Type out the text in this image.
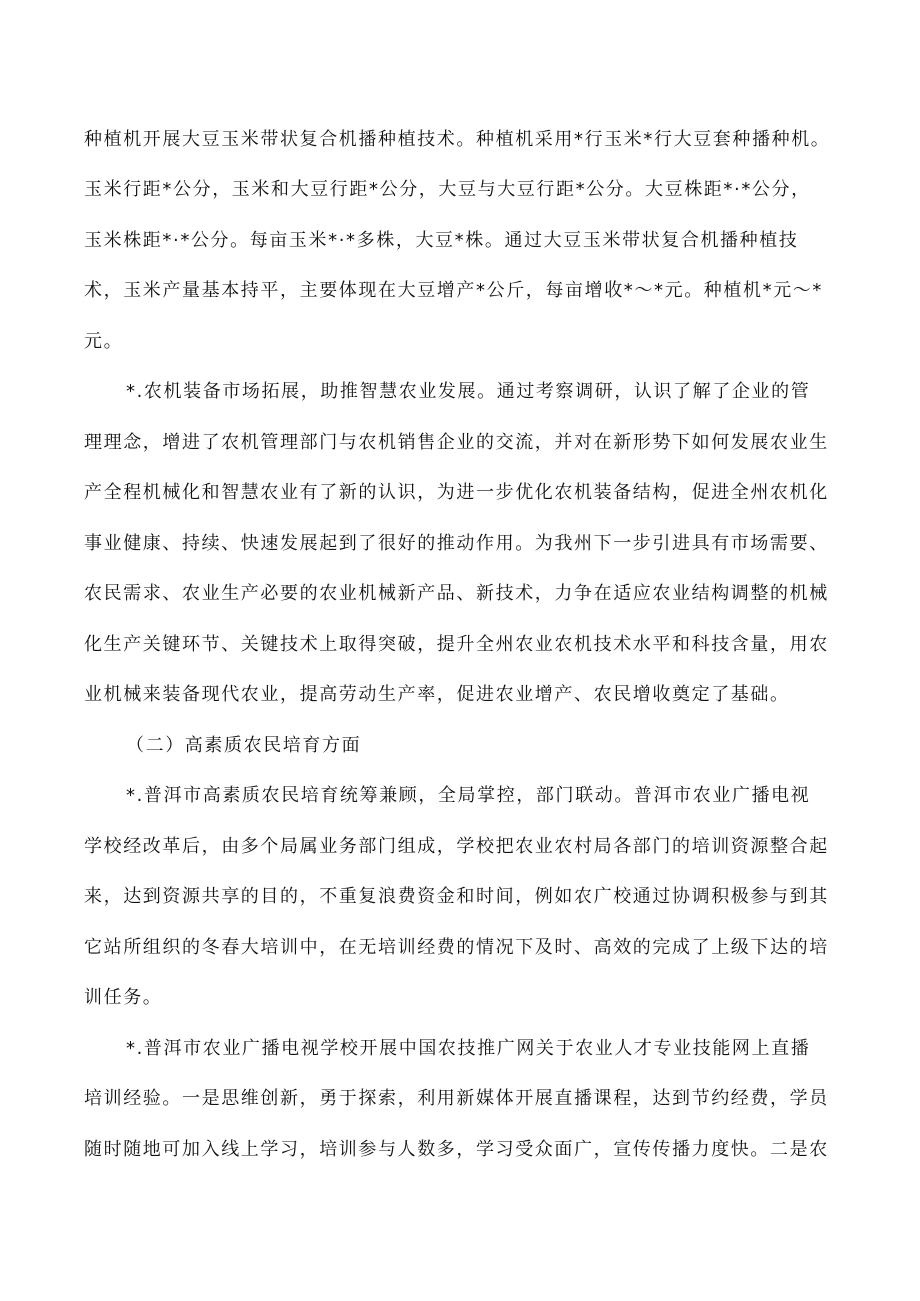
种植机开展大豆玉米带状复合机播种植技术。种植机采用*行玉米*行大豆套种播种机。

玉米行距*公分，玉米和大豆行距*公分，大豆与大豆行距*公分。大豆株距*·*公分，

玉米株距*·*公分。每亩玉米*·*多株，大豆*株。通过大豆玉米带状复合机播种植技

术，玉米产量基本持平，主要体现在大豆增产*公斤，每亩增收*～*元。种植机*元～*

元。

*.农机装备市场拓展，助推智慧农业发展。通过考察调研，认识了解了企业的管

理理念，增进了农机管理部门与农机销售企业的交流，并对在新形势下如何发展农业生

产全程机械化和智慧农业有了新的认识，为进一步优化农机装备结构，促进全州农机化

事业健康、持续、快速发展起到了很好的推动作用。为我州下一步引进具有市场需要、

农民需求、农业生产必要的农业机械新产品、新技术，力争在适应农业结构调整的机械

化生产关键环节、关键技术上取得突破，提升全州农业农机技术水平和科技含量，用农

业机械来装备现代农业，提高劳动生产率，促进农业增产、农民增收奠定了基础。

（二）高素质农民培育方面

*.普洱市高素质农民培育统筹兼顾，全局掌控，部门联动。普洱市农业广播电视

学校经改革后，由多个局属业务部门组成，学校把农业农村局各部门的培训资源整合起

来，达到资源共享的目的，不重复浪费资金和时间，例如农广校通过协调积极参与到其

它站所组织的冬春大培训中，在无培训经费的情况下及时、高效的完成了上级下达的培

训任务。

*.普洱市农业广播电视学校开展中国农技推广网关于农业人才专业技能网上直播

培训经验。一是思维创新，勇于探索，利用新媒体开展直播课程，达到节约经费，学员

随时随地可加入线上学习，培训参与人数多，学习受众面广，宣传传播力度快。二是农
